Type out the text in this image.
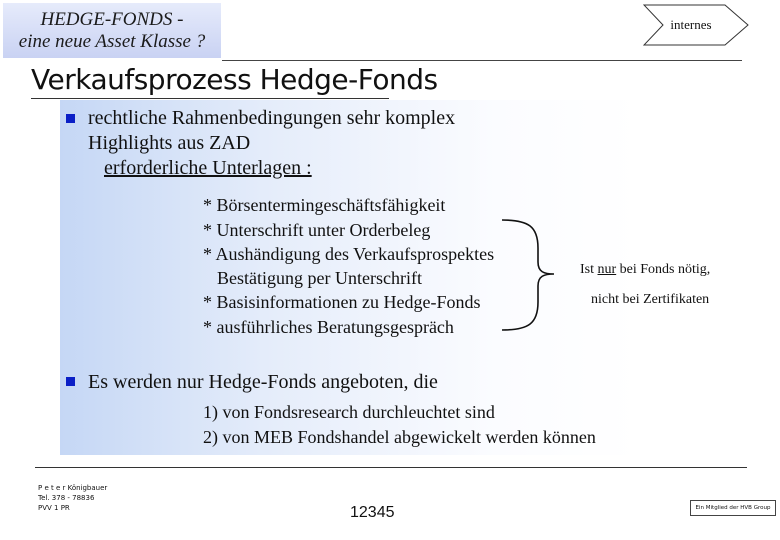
HEDGE-FONDS -
eine neue Asset Klasse ?
internes
Verkaufsprozess Hedge-Fonds
rechtliche Rahmenbedingungen sehr komplex
Highlights aus ZAD
erforderliche Unterlagen :
* Börsentermingeschäftsfähigkeit
* Unterschrift unter Orderbeleg
* Aushändigung des Verkaufsprospektes
Bestätigung per Unterschrift
* Basisinformationen zu Hedge-Fonds
* ausführliches Beratungsgespräch
Ist nur bei Fonds nötig,
nicht bei Zertifikaten
Es werden nur Hedge-Fonds angeboten, die
1) von Fondsresearch durchleuchtet sind
2) von MEB Fondshandel abgewickelt werden können
P e t e r Königbauer
Tel. 378 - 78836
PVV 1 PR	12345	Ein Mitglied der HVB Group
